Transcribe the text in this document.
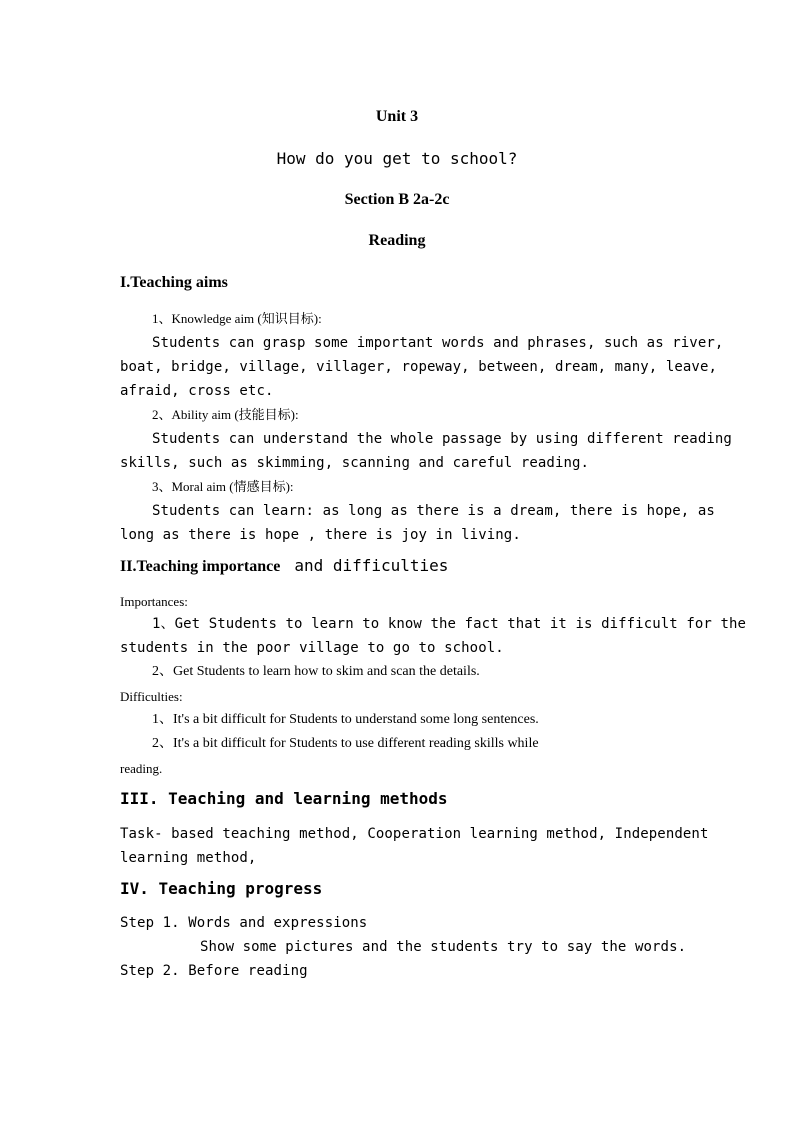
Unit 3
How do you get to school?
Section B 2a-2c
Reading
I.Teaching aims
1、Knowledge aim (知识目标):
Students can grasp some important words and phrases, such as river,
boat, bridge, village, villager, ropeway, between, dream, many, leave,
afraid, cross etc.
2、Ability aim (技能目标):
Students can understand the whole passage by using different reading
skills, such as skimming, scanning and careful reading.
3、Moral aim (情感目标):
Students can learn: as long as there is a dream, there is hope, as
long as there is hope , there is joy in living.
II.Teaching importance and difficulties
Importances:
1、Get Students to learn to know the fact that it is difficult for the
students in the poor village to go to school.
2、Get Students to learn how to skim and scan the details.
Difficulties:
1、It's a bit difficult for Students to understand some long sentences.
2、It's a bit difficult for Students to use different reading skills while
reading.
III. Teaching and learning methods
Task- based teaching method, Cooperation learning method, Independent
learning method,
IV. Teaching progress
Step 1. Words and expressions
Show some pictures and the students try to say the words.
Step 2. Before reading
